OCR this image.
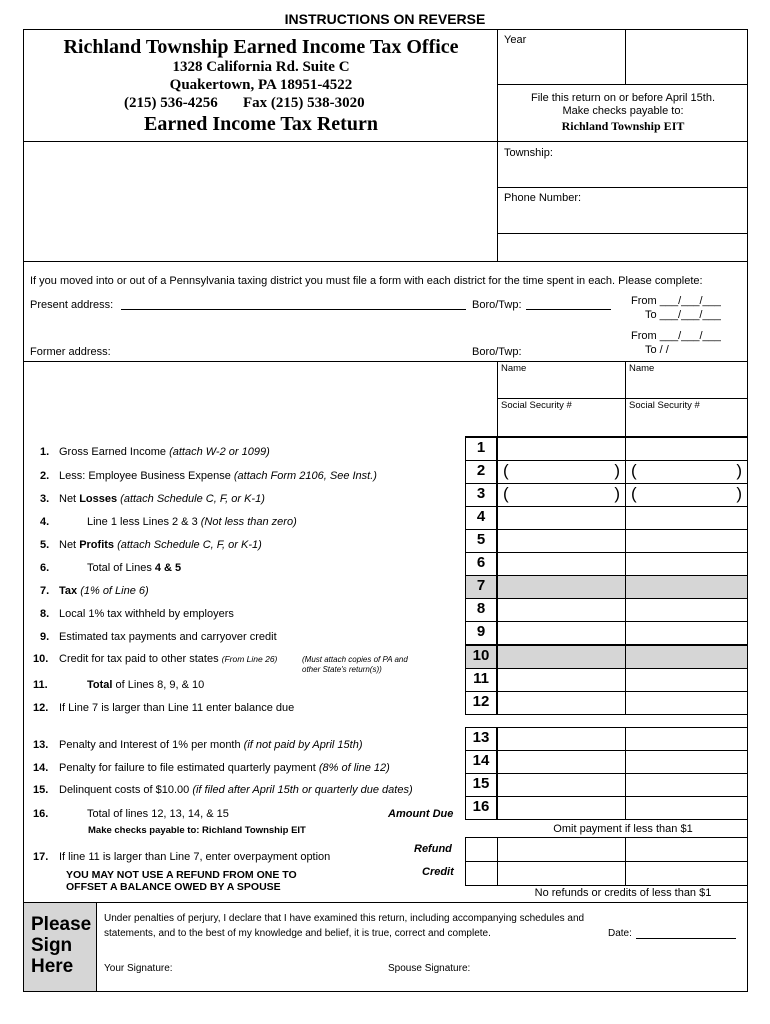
INSTRUCTIONS ON REVERSE
Richland Township Earned Income Tax Office
1328 California Rd. Suite C
Quakertown, PA 18951-4522
(215) 536-4256 Fax (215) 538-3020
Earned Income Tax Return
Year
File this return on or before April 15th.
Make checks payable to:
Richland Township EIT
Township:
Phone Number:
If you moved into or out of a Pennsylvania taxing district you must file a form with each district for the time spent in each. Please complete:
Present address:	Boro/Twp:	From ___/___/___
To ___/___/___
From ___/___/___
Former address:	Boro/Twp:	To / /
Name	Name
Social Security #	Social Security #
1. Gross Earned Income (attach W-2 or 1099)	1
2. Less: Employee Business Expense (attach Form 2106, See Inst.)	2	(	) (	)
3. Net Losses (attach Schedule C, F, or K-1)	3	(	) (	)
4.	Line 1 less Lines 2 & 3 (Not less than zero)	4
5. Net Profits (attach Schedule C, F, or K-1)	5
6.	Total of Lines 4 & 5	6
7. Tax (1% of Line 6)	7
8. Local 1% tax withheld by employers	8
9. Estimated tax payments and carryover credit	9
10. Credit for tax paid to other states (From Line 26)	10
11.	Total of Lines 8, 9, & 10	11
12. If Line 7 is larger than Line 11 enter balance due	12
13. Penalty and Interest of 1% per month (if not paid by April 15th)	13
14. Penalty for failure to file estimated quarterly payment (8% of line 12)	14
15. Delinquent costs of $10.00 (if filed after April 15th or quarterly due dates)	15
16.	Total of lines 12, 13, 14, & 15	16
(Must attach copies of PA and other State's return(s))
Amount Due
Make checks payable to: Richland Township EIT	Omit payment if less than $1
17. If line 11 is larger than Line 7, enter overpayment option
Refund
Credit
YOU MAY NOT USE A REFUND FROM ONE TO
OFFSET A BALANCE OWED BY A SPOUSE	No refunds or credits of less than $1
Please
Sign
Here
Under penalties of perjury, I declare that I have examined this return, including accompanying schedules and
statements, and to the best of my knowledge and belief, it is true, correct and complete.	Date:
Your Signature:	Spouse Signature:
